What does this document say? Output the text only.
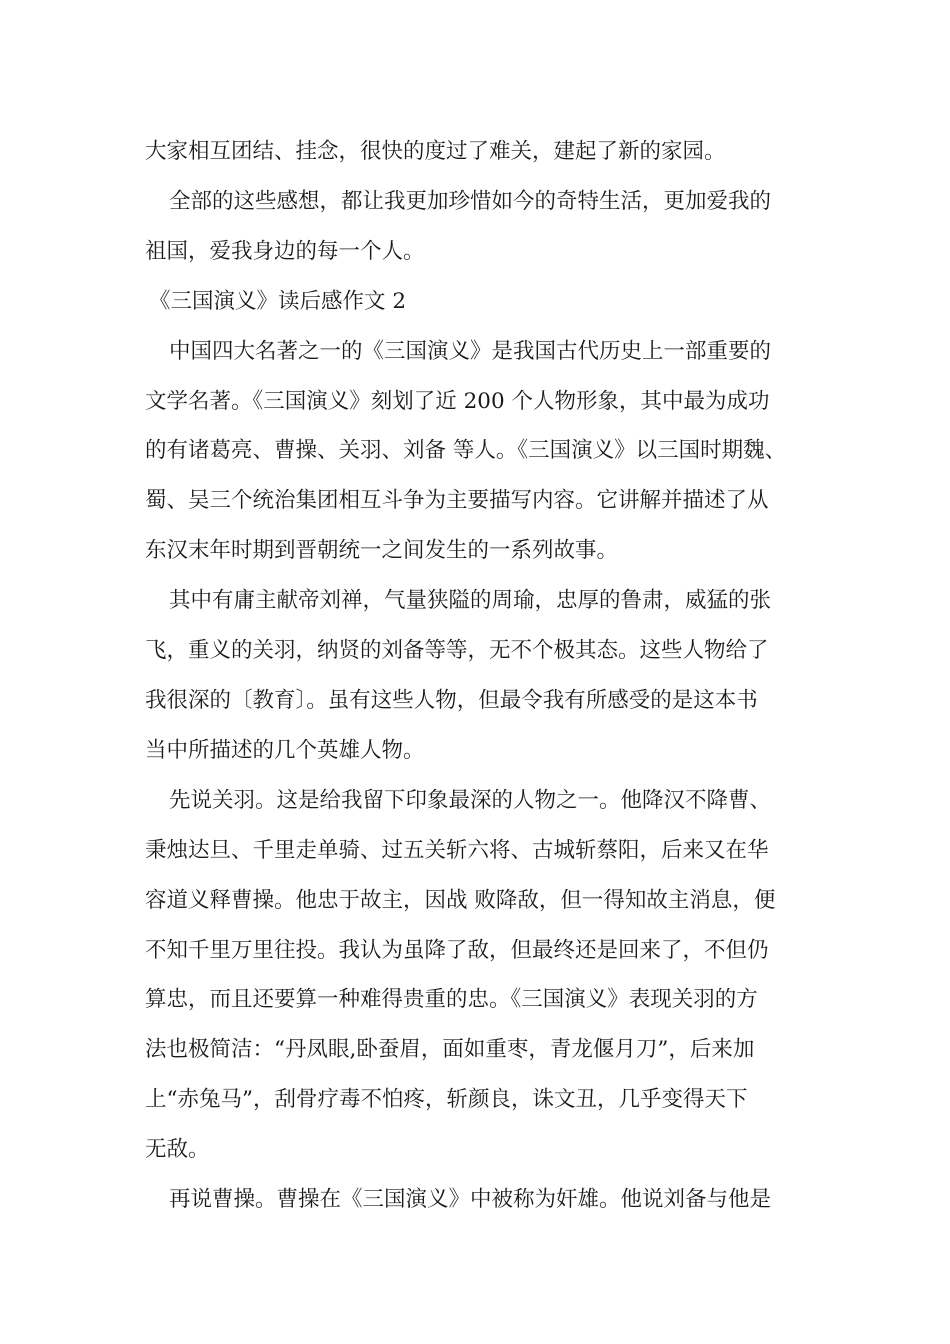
大家相互团结、挂念，很快的度过了难关，建起了新的家园。

全部的这些感想，都让我更加珍惜如今的奇特生活，更加爱我的

祖国，爱我身边的每一个人。

《三国演义》读后感作文 2

中国四大名著之一的《三国演义》是我国古代历史上一部重要的

文学名著。《三国演义》刻划了近 200 个人物形象，其中最为成功

的有诸葛亮、曹操、关羽、刘备 等人。《三国演义》以三国时期魏、

蜀、吴三个统治集团相互斗争为主要描写内容。它讲解并描述了从

东汉末年时期到晋朝统一之间发生的一系列故事。

其中有庸主献帝刘禅，气量狭隘的周瑜，忠厚的鲁肃，威猛的张

飞，重义的关羽，纳贤的刘备等等，无不个极其态。这些人物给了

我很深的〔教育〕。虽有这些人物，但最令我有所感受的是这本书

当中所描述的几个英雄人物。

先说关羽。这是给我留下印象最深的人物之一。他降汉不降曹、

秉烛达旦、千里走单骑、过五关斩六将、古城斩蔡阳，后来又在华

容道义释曹操。他忠于故主，因战 败降敌，但一得知故主消息，便

不知千里万里往投。我认为虽降了敌，但最终还是回来了，不但仍

算忠，而且还要算一种难得贵重的忠。《三国演义》表现关羽的方

法也极简洁：“丹凤眼,卧蚕眉，面如重枣，青龙偃月刀”，后来加

上“赤兔马”，刮骨疗毒不怕疼，斩颜良，诛文丑，几乎变得天下

无敌。

再说曹操。曹操在《三国演义》中被称为奸雄。他说刘备与他是
